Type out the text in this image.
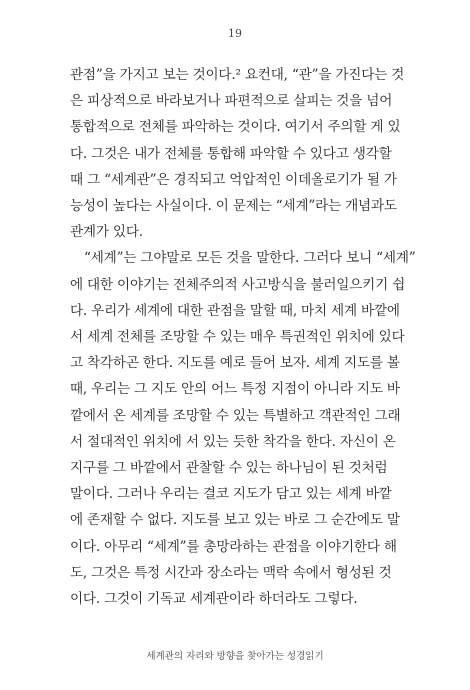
19

관점”을 가지고 보는 것이다.² 요컨대, “관”을 가진다는 것
은 피상적으로 바라보거나 파편적으로 살피는 것을 넘어
통합적으로 전체를 파악하는 것이다. 여기서 주의할 게 있
다. 그것은 내가 전체를 통합해 파악할 수 있다고 생각할
때 그 “세계관”은 경직되고 억압적인 이데올로기가 될 가
능성이 높다는 사실이다. 이 문제는 “세계”라는 개념과도
관계가 있다.

“세계”는 그야말로 모든 것을 말한다. 그러다 보니 “세계”
에 대한 이야기는 전체주의적 사고방식을 불러일으키기 쉽
다. 우리가 세계에 대한 관점을 말할 때, 마치 세계 바깥에
서 세계 전체를 조망할 수 있는 매우 특권적인 위치에 있다
고 착각하곤 한다. 지도를 예로 들어 보자. 세계 지도를 볼
때, 우리는 그 지도 안의 어느 특정 지점이 아니라 지도 바
깥에서 온 세계를 조망할 수 있는 특별하고 객관적인 그래
서 절대적인 위치에 서 있는 듯한 착각을 한다. 자신이 온
지구를 그 바깥에서 관찰할 수 있는 하나님이 된 것처럼
말이다. 그러나 우리는 결코 지도가 담고 있는 세계 바깥
에 존재할 수 없다. 지도를 보고 있는 바로 그 순간에도 말
이다. 아무리 “세계”를 총망라하는 관점을 이야기한다 해
도, 그것은 특정 시간과 장소라는 맥락 속에서 형성된 것
이다. 그것이 기독교 세계관이라 하더라도 그렇다.

세계관의 자리와 방향을 찾아가는 성경읽기
